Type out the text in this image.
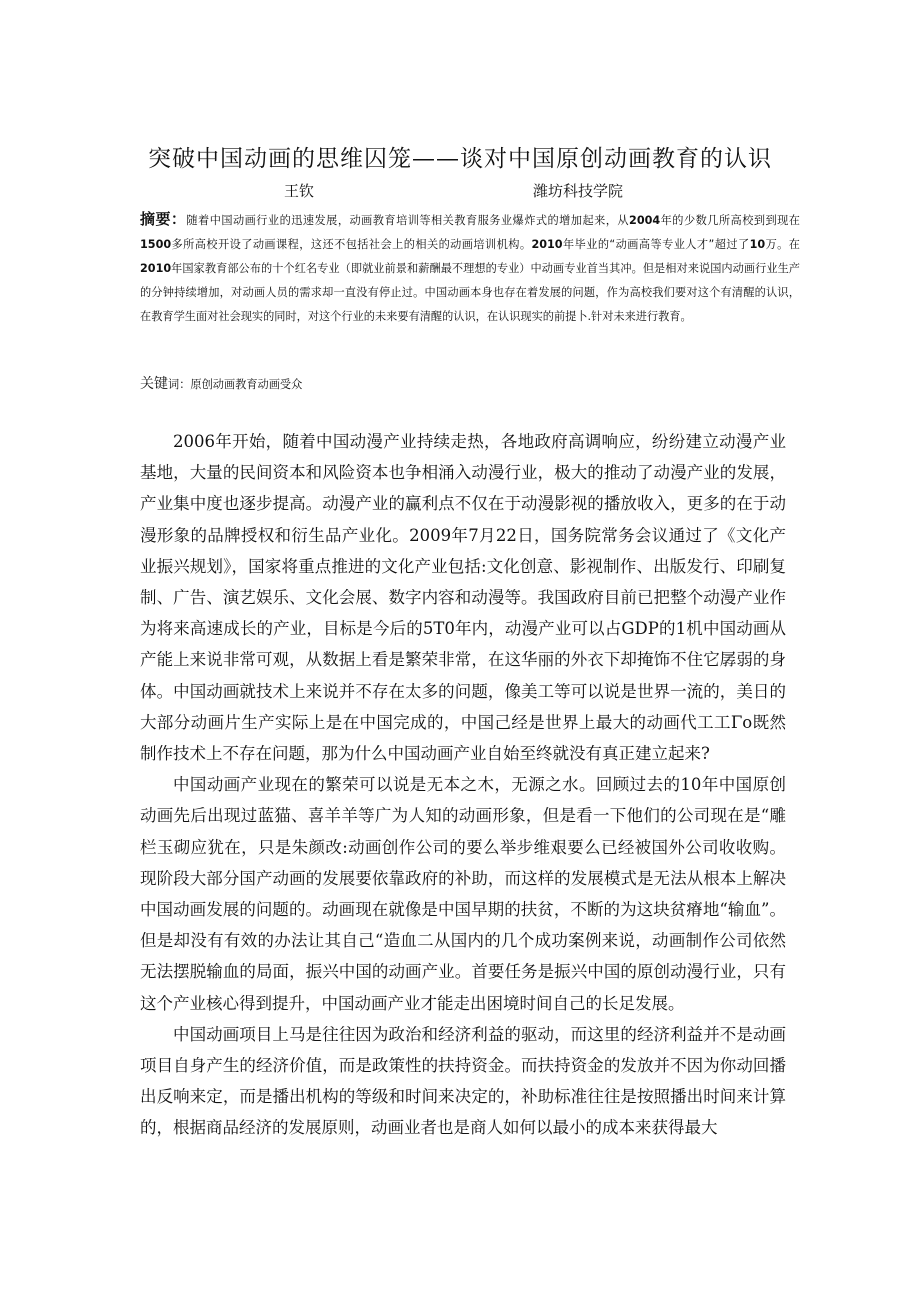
突破中国动画的思维囚笼——谈对中国原创动画教育的认识
王钦	潍坊科技学院

摘要：随着中国动画行业的迅速发展，动画教育培训等相关教育服务业爆炸式的增加起来，从2004年的少数几所高校到到现在1500多所高校开设了动画课程，这还不包括社会上的相关的动画培训机构。2010年毕业的“动画高等专业人才”超过了10万。在2010年国家教育部公布的十个红名专业（即就业前景和薪酬最不理想的专业）中动画专业首当其冲。但是相对来说国内动画行业生产的分钟持续增加，对动画人员的需求却一直没有停止过。中国动画本身也存在着发展的问题，作为高校我们要对这个有清醒的认识，在教育学生面对社会现实的同时，对这个行业的未来要有清醒的认识，在认识现实的前提卜.针对未来进行教育。

关键词：原创动画教育动画受众

2006年开始，随着中国动漫产业持续走热，各地政府高调响应，纷纷建立动漫产业基地，大量的民间资本和风险资本也争相涌入动漫行业，极大的推动了动漫产业的发展，产业集中度也逐步提高。动漫产业的赢利点不仅在于动漫影视的播放收入，更多的在于动漫形象的品牌授权和衍生品产业化。2009年7月22日，国务院常务会议通过了《文化产业振兴规划》，国家将重点推进的文化产业包括:文化创意、影视制作、出版发行、印刷复制、广告、演艺娱乐、文化会展、数字内容和动漫等。我国政府目前已把整个动漫产业作为将来高速成长的产业，目标是今后的5T0年内，动漫产业可以占GDP的1机中国动画从产能上来说非常可观，从数据上看是繁荣非常，在这华丽的外衣下却掩饰不住它孱弱的身体。中国动画就技术上来说并不存在太多的问题，像美工等可以说是世界一流的，美日的大部分动画片生产实际上是在中国完成的，中国己经是世界上最大的动画代工工Γo既然制作技术上不存在问题，那为什么中国动画产业自始至终就没有真正建立起来?

中国动画产业现在的繁荣可以说是无本之木，无源之水。回顾过去的10年中国原创动画先后出现过蓝猫、喜羊羊等广为人知的动画形象，但是看一下他们的公司现在是“雕栏玉砌应犹在，只是朱颜改:动画创作公司的要么举步维艰要么已经被国外公司收收购。现阶段大部分国产动画的发展要依靠政府的补助，而这样的发展模式是无法从根本上解决中国动画发展的问题的。动画现在就像是中国早期的扶贫，不断的为这块贫瘠地“输血”。但是却没有有效的办法让其自己“造血二从国内的几个成功案例来说，动画制作公司依然无法摆脱输血的局面，振兴中国的动画产业。首要任务是振兴中国的原创动漫行业，只有这个产业核心得到提升，中国动画产业才能走出困境时间自己的长足发展。

中国动画项目上马是往往因为政治和经济利益的驱动，而这里的经济利益并不是动画项目自身产生的经济价值，而是政策性的扶持资金。而扶持资金的发放并不因为你动回播出反响来定，而是播出机构的等级和时间来决定的，补助标准往往是按照播出时间来计算的，根据商品经济的发展原则，动画业者也是商人如何以最小的成本来获得最大
